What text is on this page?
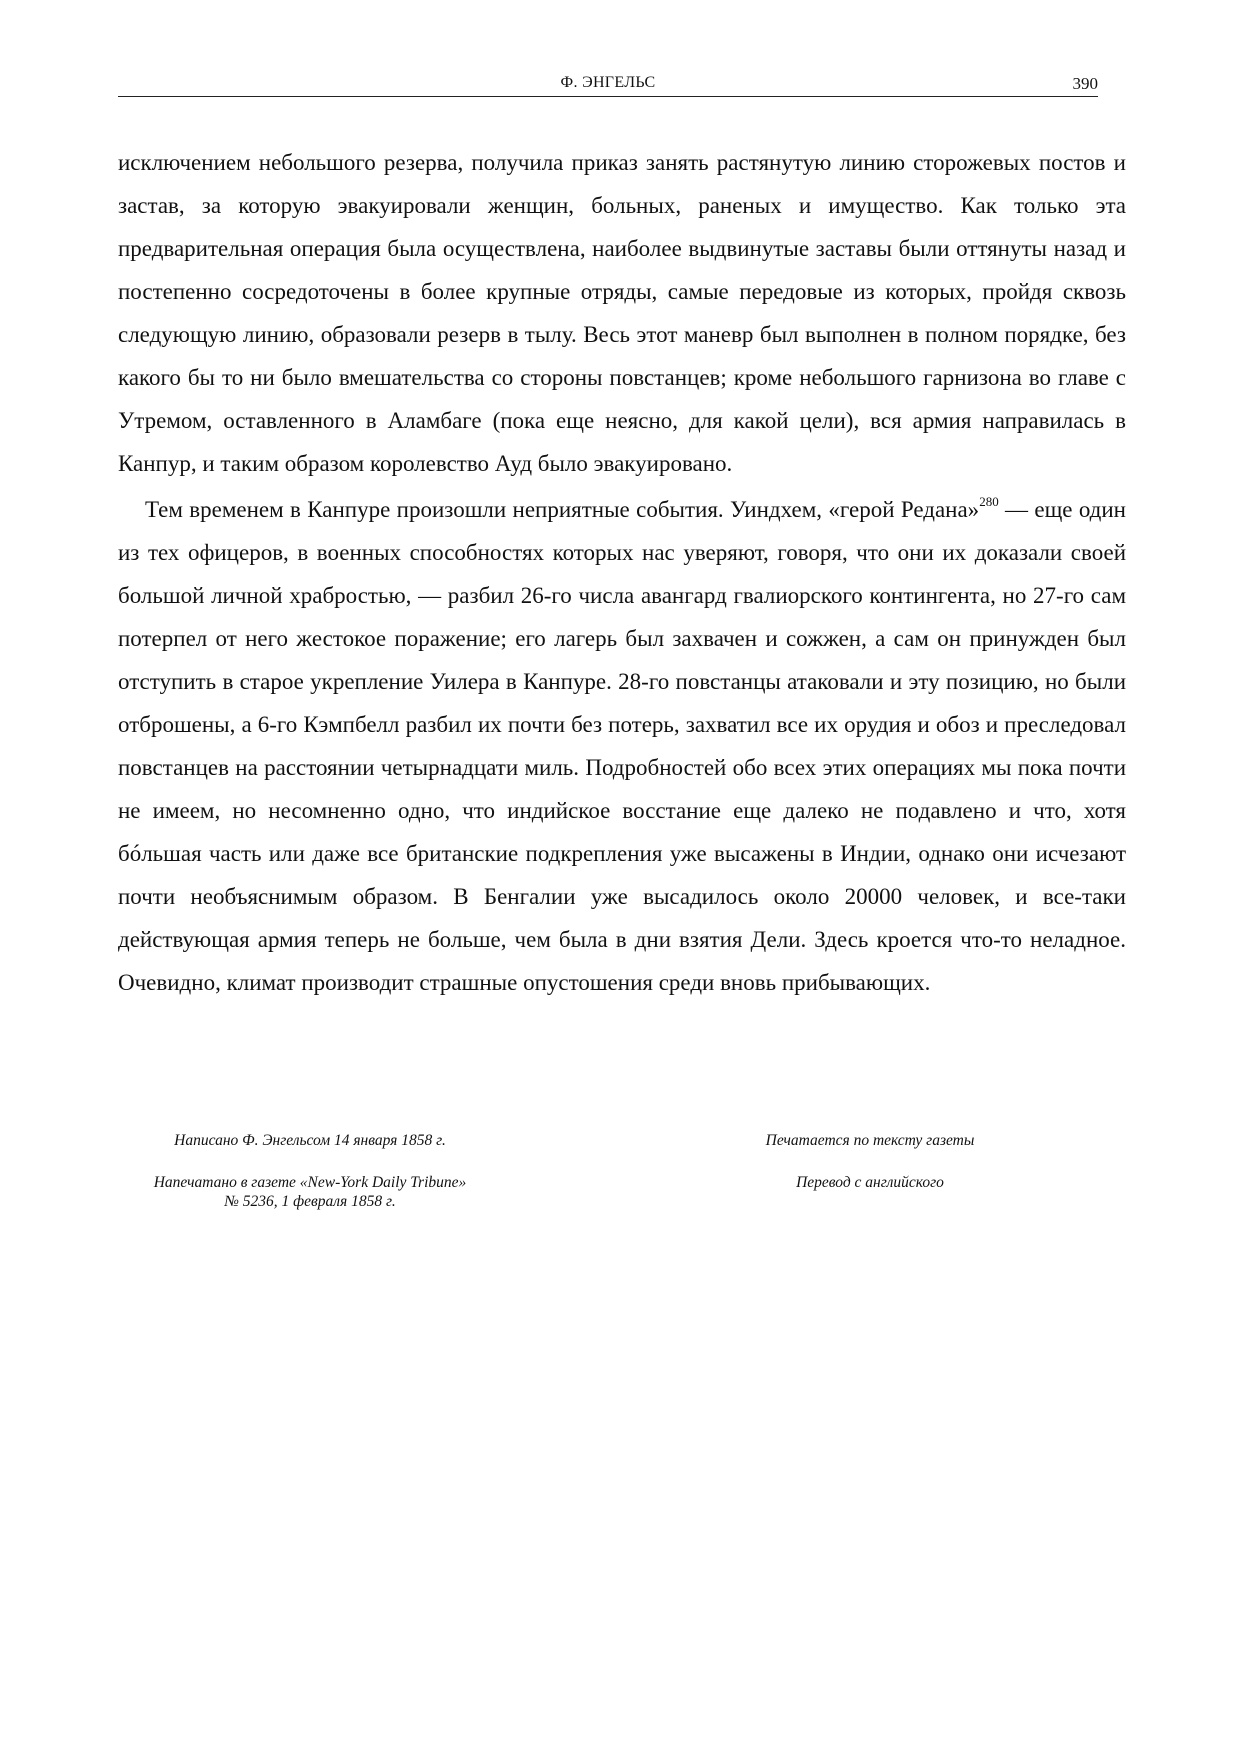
Ф. ЭНГЕЛЬС	390

исключением небольшого резерва, получила приказ занять растянутую линию сторожевых постов и застав, за которую эвакуировали женщин, больных, раненых и имущество. Как только эта предварительная операция была осуществлена, наиболее выдвинутые заставы были оттянуты назад и постепенно сосредоточены в более крупные отряды, самые передовые из которых, пройдя сквозь следующую линию, образовали резерв в тылу. Весь этот маневр был выполнен в полном порядке, без какого бы то ни было вмешательства со стороны повстанцев; кроме небольшого гарнизона во главе с Утремом, оставленного в Аламбаге (пока еще неясно, для какой цели), вся армия направилась в Канпур, и таким образом королевство Ауд было эвакуировано.

Тем временем в Канпуре произошли неприятные события. Уиндхем, «герой Редана»$^{280}$ — еще один из тех офицеров, в военных способностях которых нас уверяют, говоря, что они их доказали своей большой личной храбростью, — разбил 26-го числа авангард гвалиорского контингента, но 27-го сам потерпел от него жестокое поражение; его лагерь был захвачен и сожжен, а сам он принужден был отступить в старое укрепление Уилера в Канпуре. 28-го повстанцы атаковали и эту позицию, но были отброшены, а 6-го Кэмпбелл разбил их почти без потерь, захватил все их орудия и обоз и преследовал повстанцев на расстоянии четырнадцати миль. Подробностей обо всех этих операциях мы пока почти не имеем, но несомненно одно, что индийское восстание еще далеко не подавлено и что, хотя бóльшая часть или даже все британские подкрепления уже высажены в Индии, однако они исчезают почти необъяснимым образом. В Бенгалии уже высадилось около 20000 человек, и все-таки действующая армия теперь не больше, чем была в дни взятия Дели. Здесь кроется что-то неладное. Очевидно, климат производит страшные опустошения среди вновь прибывающих.

Написано Ф. Энгельсом 14 января 1858 г.
Напечатано в газете «New-York Daily Tribune»
№ 5236, 1 февраля 1858 г.
Печатается по тексту газеты
Перевод с английского
